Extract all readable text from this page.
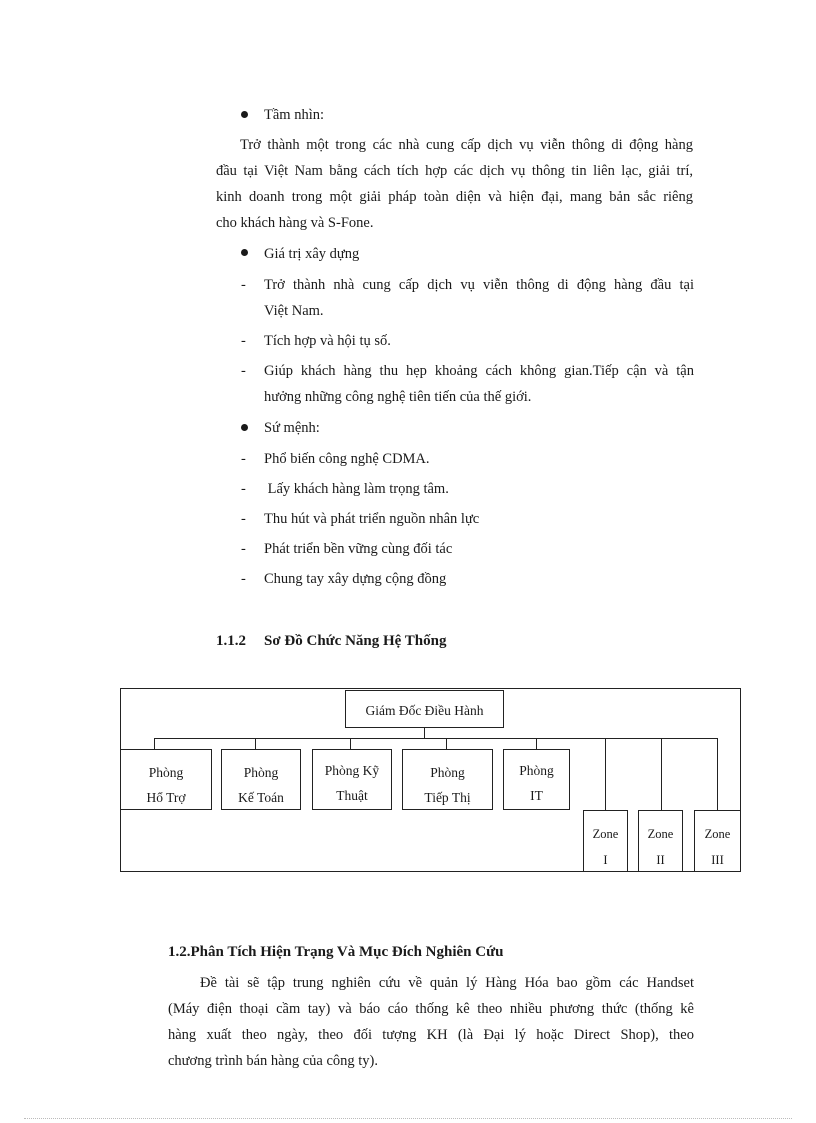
Tầm nhìn:
Trở thành một trong các nhà cung cấp dịch vụ viễn thông di động hàng
đầu tại Việt Nam bằng cách tích hợp các dịch vụ thông tin liên lạc, giải trí,
kinh doanh trong một giải pháp toàn diện và hiện đại, mang bản sắc riêng
cho khách hàng và S-Fone.
Giá trị xây dựng
- Trở thành nhà cung cấp dịch vụ viễn thông di động hàng đầu tại
Việt Nam.
- Tích hợp và hội tụ số.
- Giúp khách hàng thu hẹp khoảng cách không gian.Tiếp cận và tận
hưởng những công nghệ tiên tiến của thế giới.
Sứ mệnh:
- Phổ biến công nghệ CDMA.
- Lấy khách hàng làm trọng tâm.
- Thu hút và phát triển nguồn nhân lực
- Phát triển bền vững cùng đối tác
- Chung tay xây dựng cộng đồng
1.1.2 Sơ Đồ Chức Năng Hệ Thống
Giám Đốc Điều Hành
Phòng
Hổ Trợ
Phòng
Kế Toán
Phòng Kỹ
Thuật
Phòng
Tiếp Thị
Phòng
IT
Zone
I
Zone
II
Zone
III
1.2.Phân Tích Hiện Trạng Và Mục Đích Nghiên Cứu
Đề tài sẽ tập trung nghiên cứu về quản lý Hàng Hóa bao gồm các Handset
(Máy điện thoại cầm tay) và báo cáo thống kê theo nhiều phương thức (thống kê
hàng xuất theo ngày, theo đối tượng KH (là Đại lý hoặc Direct Shop), theo
chương trình bán hàng của công ty).
